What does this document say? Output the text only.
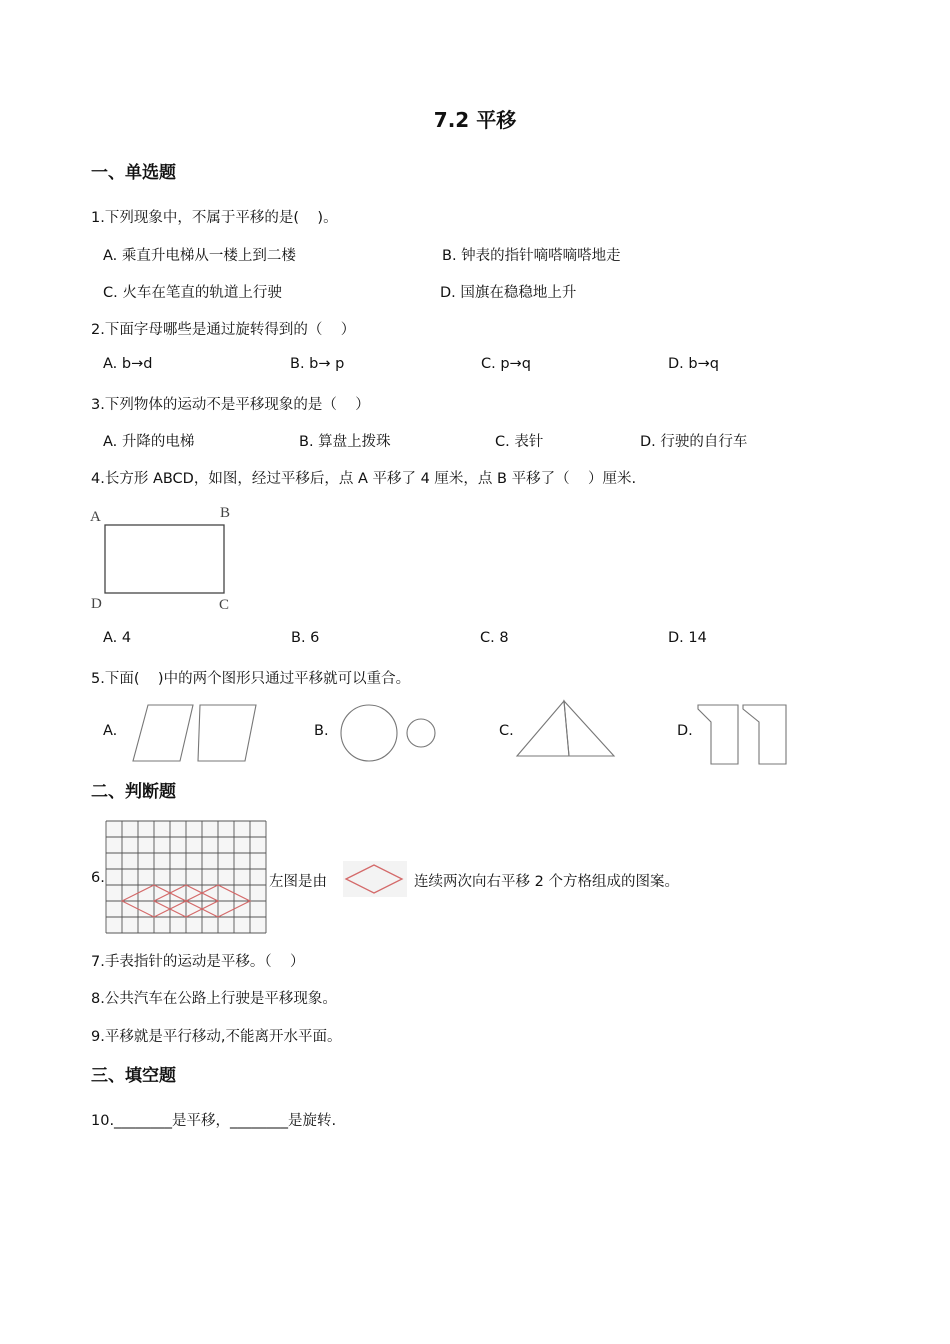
7.2 平移
一、单选题
1.下列现象中，不属于平移的是(    )。
A. 乘直升电梯从一楼上到二楼	B. 钟表的指针嘀嗒嘀嗒地走
C. 火车在笔直的轨道上行驶	D. 国旗在稳稳地上升
2.下面字母哪些是通过旋转得到的（    ）
A. b→d	B. b→ p	C. p→q	D. b→q
3.下列物体的运动不是平移现象的是（    ）
A. 升降的电梯	B. 算盘上拨珠	C. 表针	D. 行驶的自行车
4.长方形 ABCD，如图，经过平移后，点 A 平移了 4 厘米，点 B 平移了（    ）厘米.
A	B
C
D
A. 4	B. 6	C. 8	D. 14
5.下面(    )中的两个图形只通过平移就可以重合。
A.	B.	C.	D.
二、判断题
6.	左图是由	连续两次向右平移 2 个方格组成的图案。
7.手表指针的运动是平移。（    ）
8.公共汽车在公路上行驶是平移现象。
9.平移就是平行移动,不能离开水平面。
三、填空题
10.________是平移，________是旋转.
